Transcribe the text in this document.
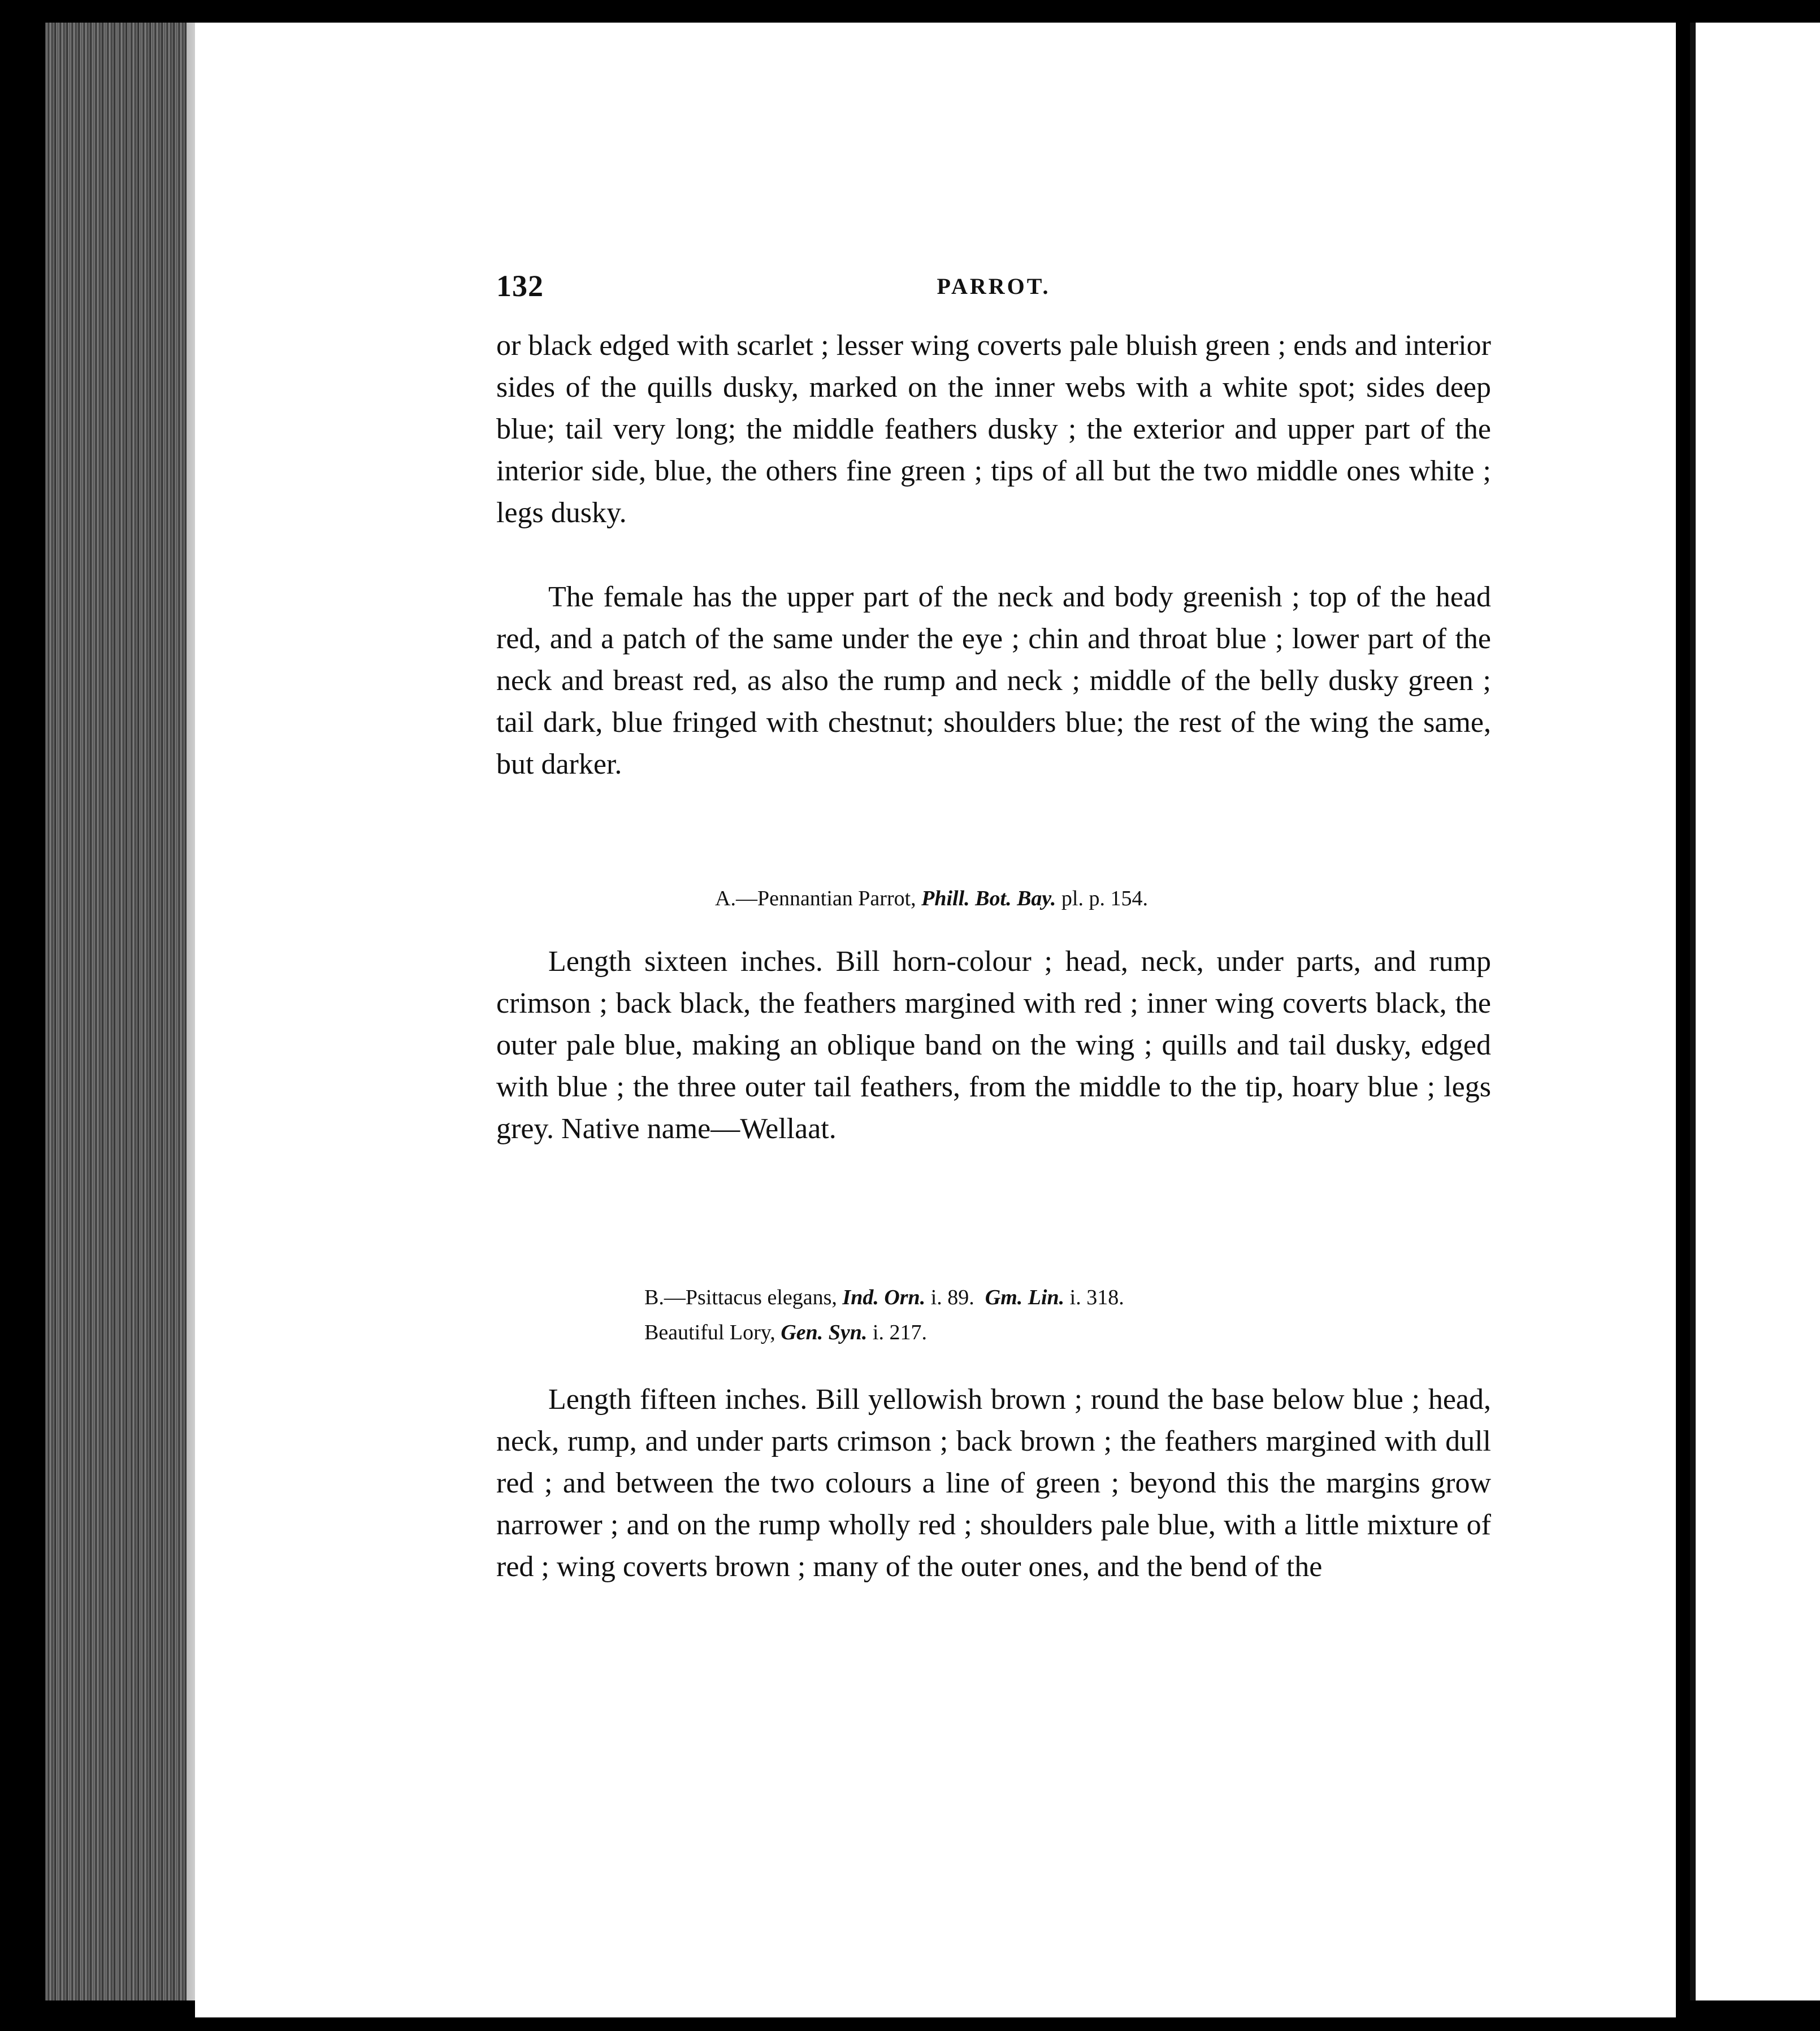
132	PARROT.

or black edged with scarlet ; lesser wing coverts pale bluish green ; ends and interior sides of the quills dusky, marked on the inner webs with a white spot; sides deep blue; tail very long; the middle feathers dusky ; the exterior and upper part of the interior side, blue, the others fine green ; tips of all but the two middle ones white ; legs dusky.

The female has the upper part of the neck and body greenish ; top of the head red, and a patch of the same under the eye ; chin and throat blue ; lower part of the neck and breast red, as also the rump and neck ; middle of the belly dusky green ; tail dark, blue fringed with chestnut; shoulders blue; the rest of the wing the same, but darker.

A.—Pennantian Parrot, Phill. Bot. Bay. pl. p. 154.

Length sixteen inches. Bill horn-colour ; head, neck, under parts, and rump crimson ; back black, the feathers margined with red ; inner wing coverts black, the outer pale blue, making an oblique band on the wing ; quills and tail dusky, edged with blue ; the three outer tail feathers, from the middle to the tip, hoary blue ; legs grey. Native name—Wellaat.

B.—Psittacus elegans, Ind. Orn. i. 89. Gm. Lin. i. 318.
Beautiful Lory, Gen. Syn. i. 217.

Length fifteen inches. Bill yellowish brown ; round the base below blue ; head, neck, rump, and under parts crimson ; back brown ; the feathers margined with dull red ; and between the two colours a line of green ; beyond this the margins grow narrower ; and on the rump wholly red ; shoulders pale blue, with a little mixture of red ; wing coverts brown ; many of the outer ones, and the bend of the
